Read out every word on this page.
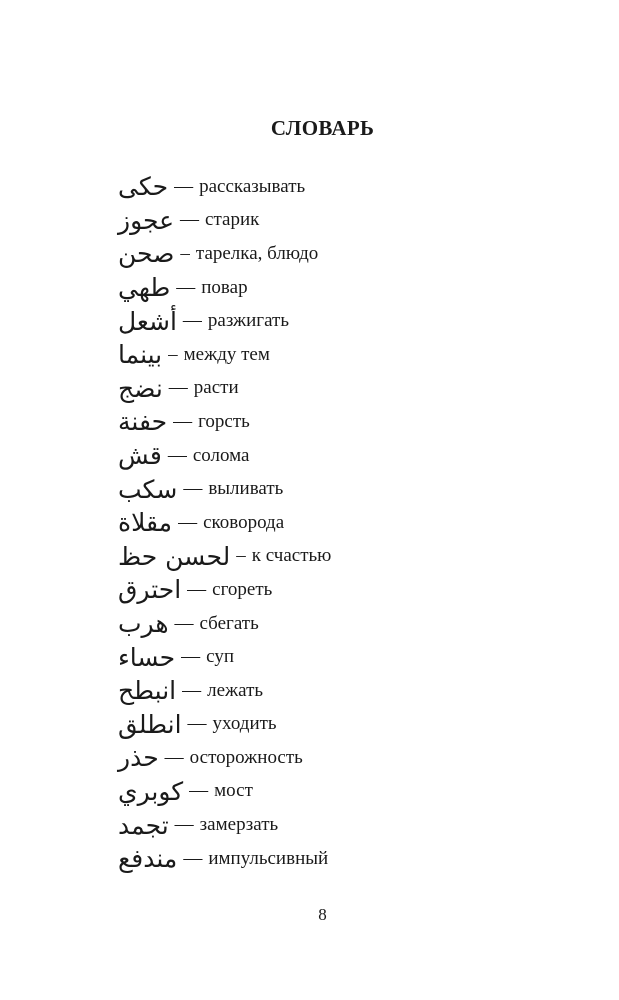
СЛОВАРЬ
حكى — рассказывать
عجوز — старик
صحن – тарелка, блюдо
طهي — повар
أشعل — разжигать
بينما – между тем
نضج — расти
حفنة — горсть
قش — солома
سكب — выливать
مقلاة — сковорода
لحسن حظ – к счастью
احترق — сгореть
هرب — сбегать
حساء — суп
انبطح — лежать
انطلق — уходить
حذر — осторожность
كوبري — мост
تجمد — замерзать
مندفع — импульсивный
8
